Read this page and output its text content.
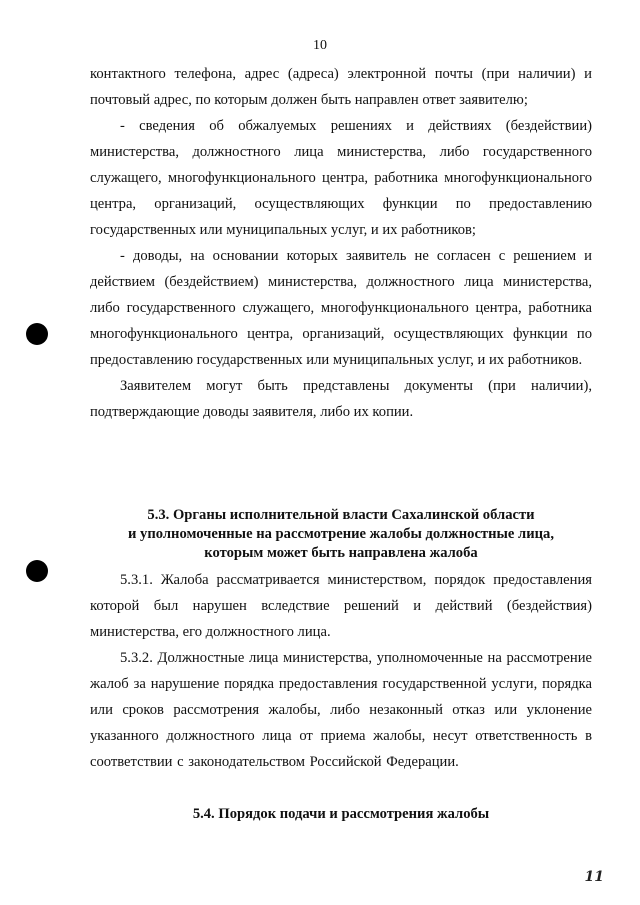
10

контактного телефона, адрес (адреса) электронной почты (при наличии) и почтовый адрес, по которым должен быть направлен ответ заявителю;

- сведения об обжалуемых решениях и действиях (бездействии) министерства, должностного лица министерства, либо государственного служащего, многофункционального центра, работника многофункционального центра, организаций, осуществляющих функции по предоставлению государственных или муниципальных услуг, и их работников;

- доводы, на основании которых заявитель не согласен с решением и действием (бездействием) министерства, должностного лица министерства, либо государственного служащего, многофункционального центра, работника многофункционального центра, организаций, осуществляющих функции по предоставлению государственных или муниципальных услуг, и их работников.

Заявителем могут быть представлены документы (при наличии), подтверждающие доводы заявителя, либо их копии.

5.3. Органы исполнительной власти Сахалинской области
и уполномоченные на рассмотрение жалобы должностные лица,
которым может быть направлена жалоба

5.3.1. Жалоба рассматривается министерством, порядок предоставления которой был нарушен вследствие решений и действий (бездействия) министерства, его должностного лица.

5.3.2. Должностные лица министерства, уполномоченные на рассмотрение жалоб за нарушение порядка предоставления государственной услуги, порядка или сроков рассмотрения жалобы, либо незаконный отказ или уклонение указанного должностного лица от приема жалобы, несут ответственность в соответствии с законодательством Российской Федерации.

5.4. Порядок подачи и рассмотрения жалобы
11
